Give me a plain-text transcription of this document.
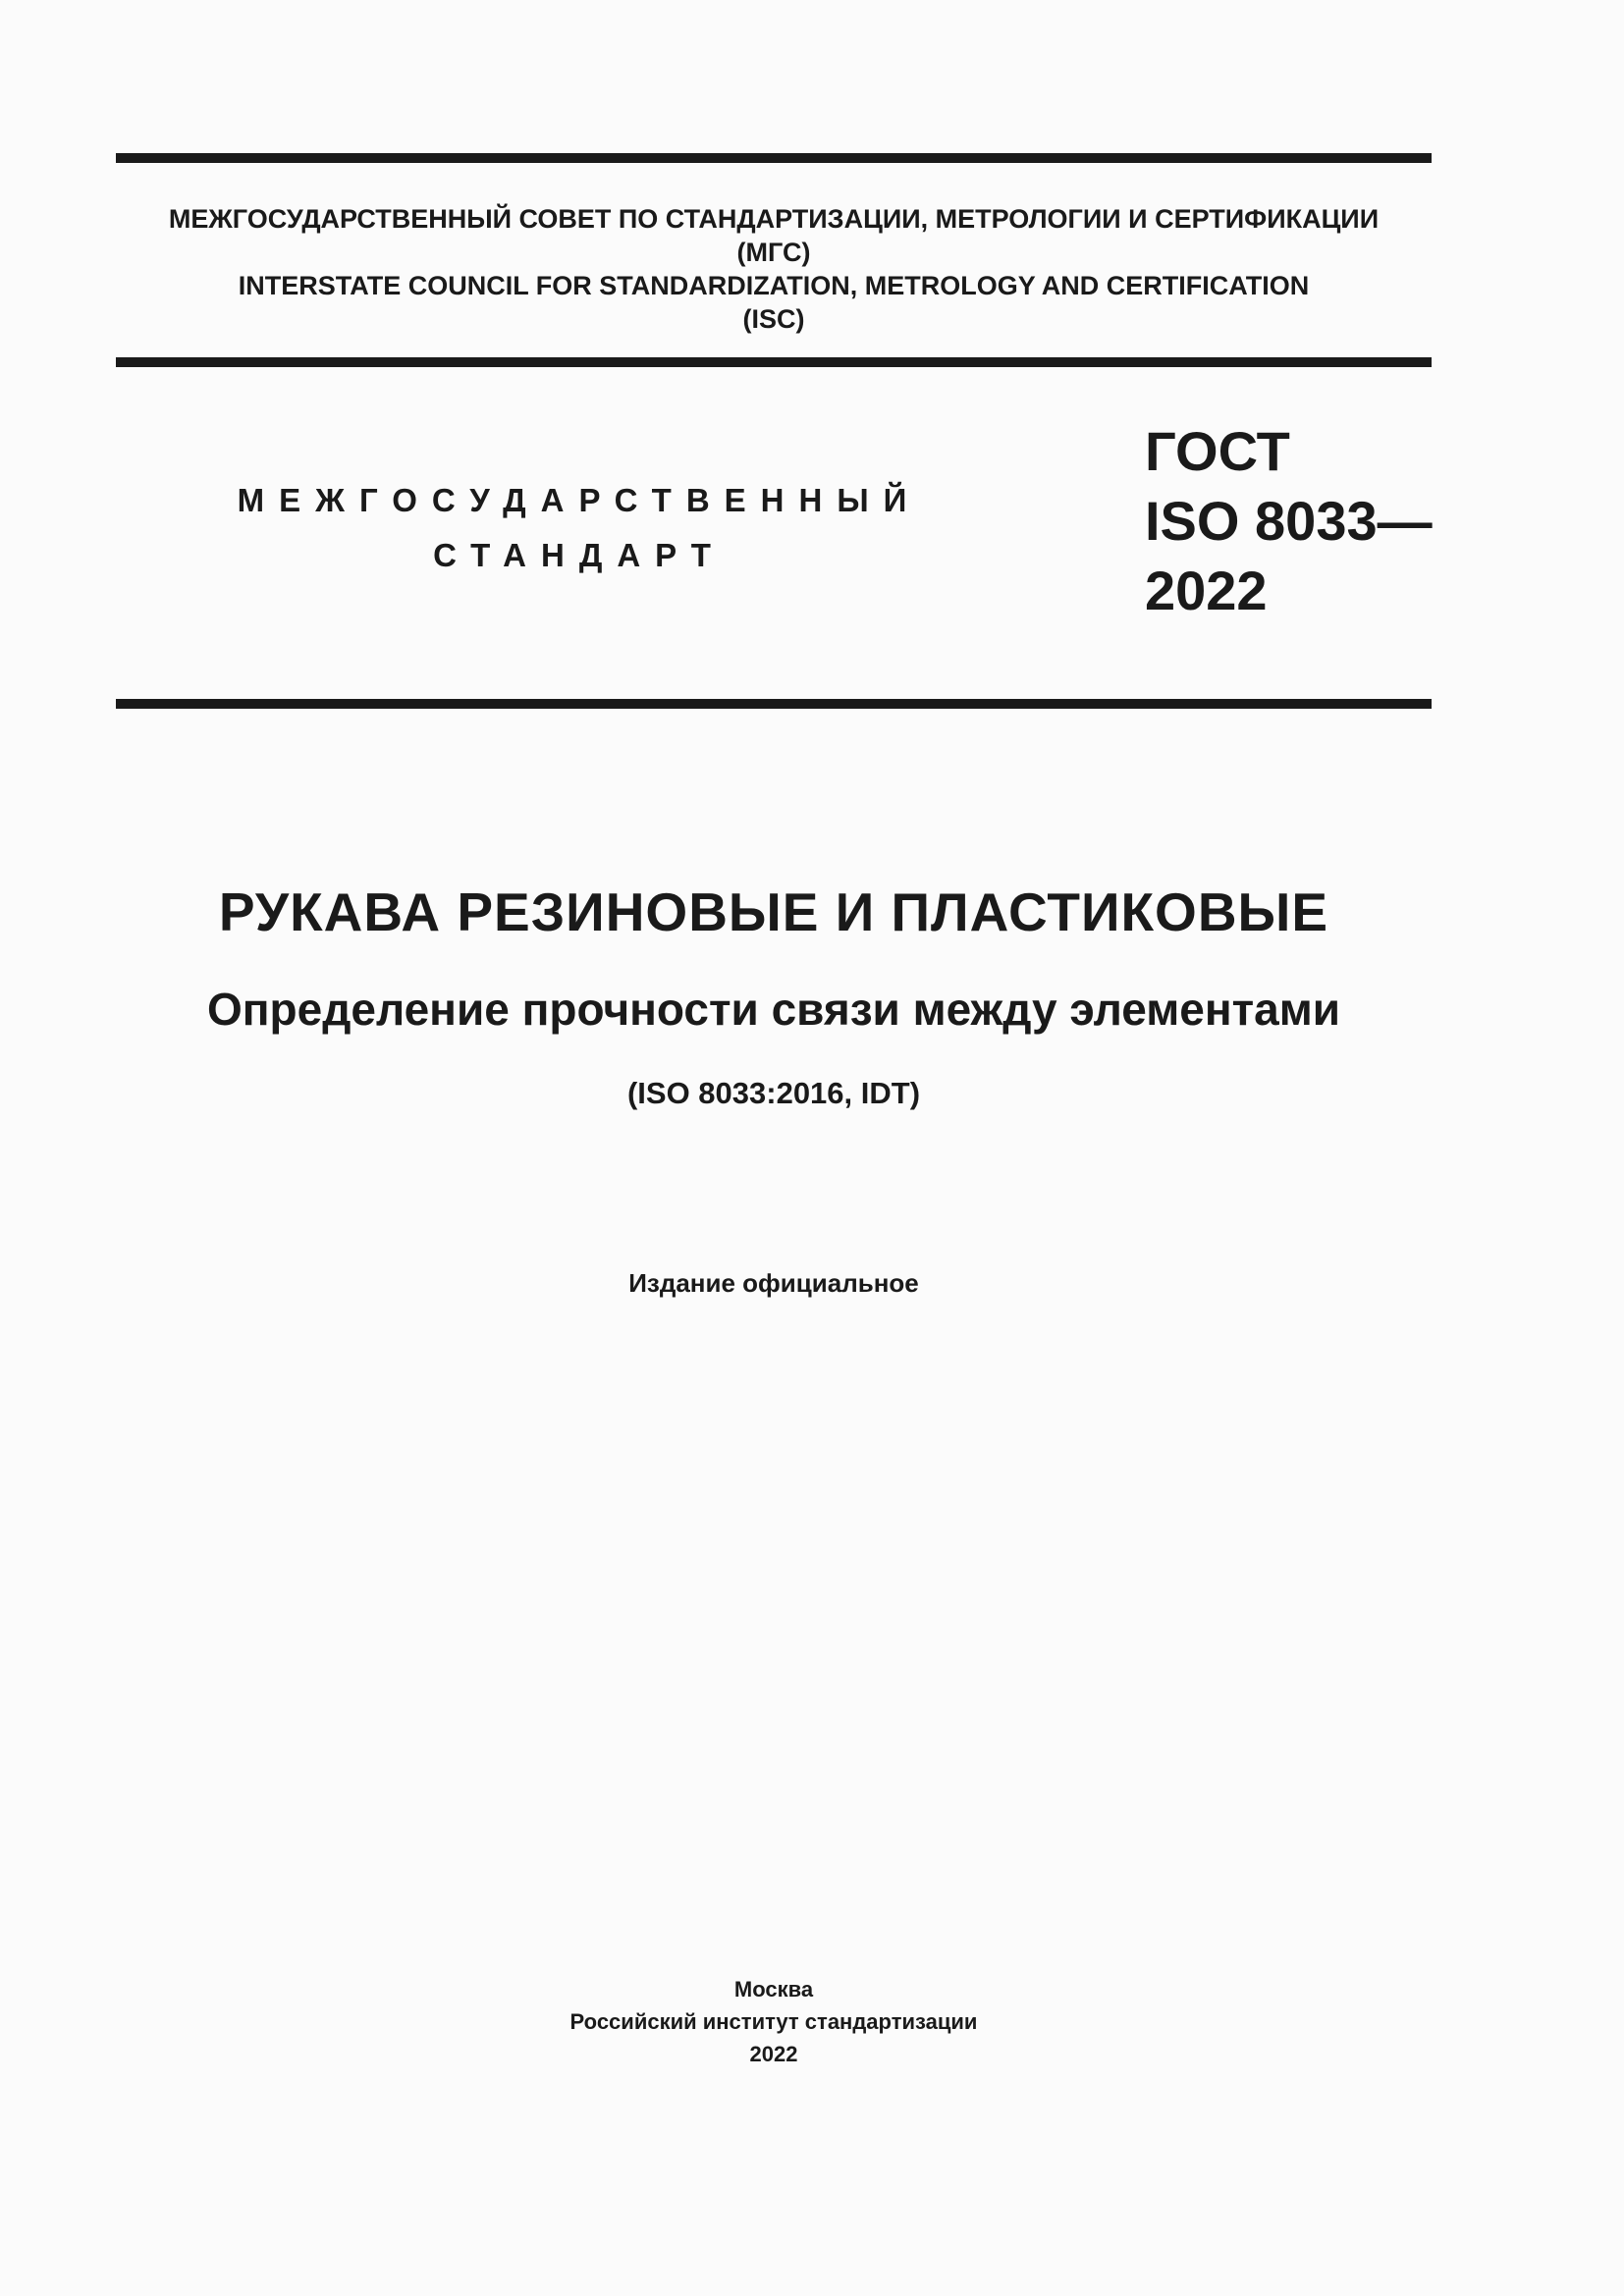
МЕЖГОСУДАРСТВЕННЫЙ СОВЕТ ПО СТАНДАРТИЗАЦИИ, МЕТРОЛОГИИ И СЕРТИФИКАЦИИ
(МГС)
INTERSTATE COUNCIL FOR STANDARDIZATION, METROLOGY AND CERTIFICATION
(ISC)
МЕЖГОСУДАРСТВЕННЫЙ
СТАНДАРТ
ГОСТ
ISO 8033—
2022
РУКАВА РЕЗИНОВЫЕ И ПЛАСТИКОВЫЕ
Определение прочности связи между элементами
(ISO 8033:2016, IDT)
Издание официальное
Москва
Российский институт стандартизации
2022
